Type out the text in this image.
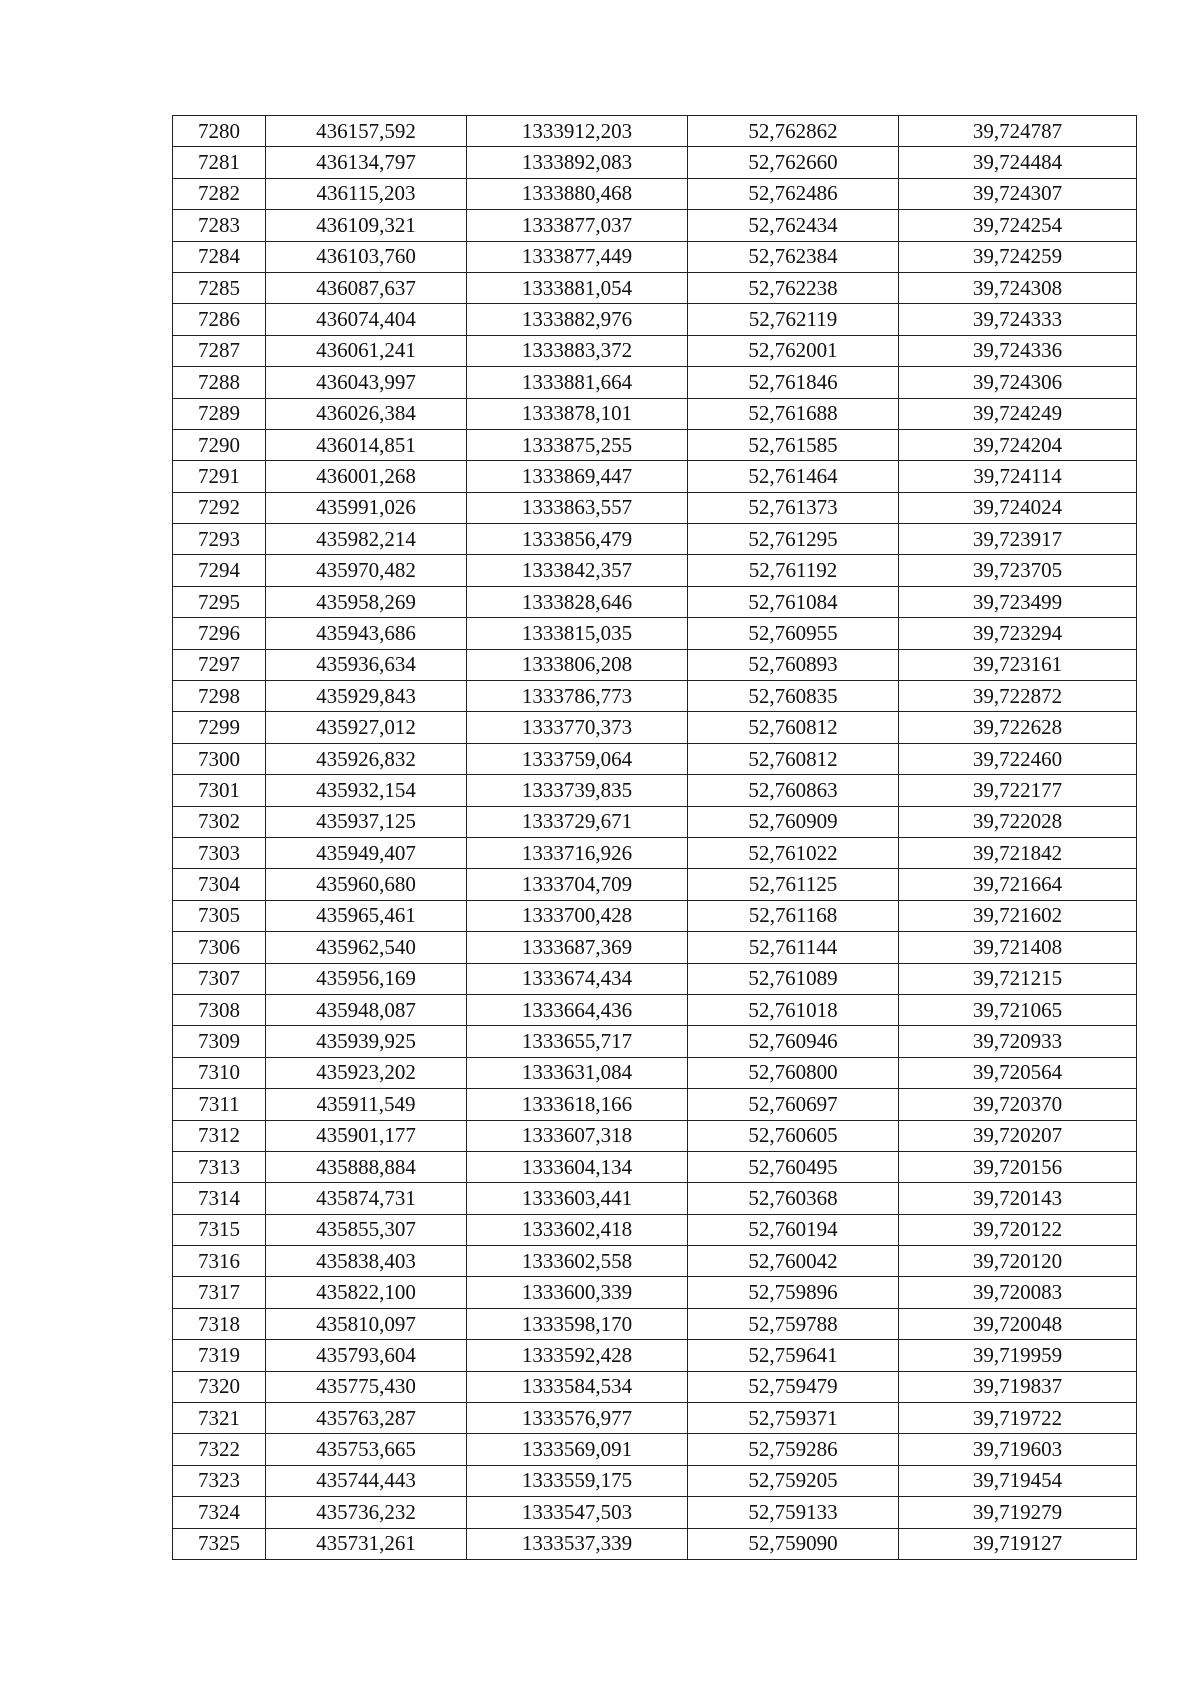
7280	436157,592	1333912,203	52,762862	39,724787
7281	436134,797	1333892,083	52,762660	39,724484
7282	436115,203	1333880,468	52,762486	39,724307
7283	436109,321	1333877,037	52,762434	39,724254
7284	436103,760	1333877,449	52,762384	39,724259
7285	436087,637	1333881,054	52,762238	39,724308
7286	436074,404	1333882,976	52,762119	39,724333
7287	436061,241	1333883,372	52,762001	39,724336
7288	436043,997	1333881,664	52,761846	39,724306
7289	436026,384	1333878,101	52,761688	39,724249
7290	436014,851	1333875,255	52,761585	39,724204
7291	436001,268	1333869,447	52,761464	39,724114
7292	435991,026	1333863,557	52,761373	39,724024
7293	435982,214	1333856,479	52,761295	39,723917
7294	435970,482	1333842,357	52,761192	39,723705
7295	435958,269	1333828,646	52,761084	39,723499
7296	435943,686	1333815,035	52,760955	39,723294
7297	435936,634	1333806,208	52,760893	39,723161
7298	435929,843	1333786,773	52,760835	39,722872
7299	435927,012	1333770,373	52,760812	39,722628
7300	435926,832	1333759,064	52,760812	39,722460
7301	435932,154	1333739,835	52,760863	39,722177
7302	435937,125	1333729,671	52,760909	39,722028
7303	435949,407	1333716,926	52,761022	39,721842
7304	435960,680	1333704,709	52,761125	39,721664
7305	435965,461	1333700,428	52,761168	39,721602
7306	435962,540	1333687,369	52,761144	39,721408
7307	435956,169	1333674,434	52,761089	39,721215
7308	435948,087	1333664,436	52,761018	39,721065
7309	435939,925	1333655,717	52,760946	39,720933
7310	435923,202	1333631,084	52,760800	39,720564
7311	435911,549	1333618,166	52,760697	39,720370
7312	435901,177	1333607,318	52,760605	39,720207
7313	435888,884	1333604,134	52,760495	39,720156
7314	435874,731	1333603,441	52,760368	39,720143
7315	435855,307	1333602,418	52,760194	39,720122
7316	435838,403	1333602,558	52,760042	39,720120
7317	435822,100	1333600,339	52,759896	39,720083
7318	435810,097	1333598,170	52,759788	39,720048
7319	435793,604	1333592,428	52,759641	39,719959
7320	435775,430	1333584,534	52,759479	39,719837
7321	435763,287	1333576,977	52,759371	39,719722
7322	435753,665	1333569,091	52,759286	39,719603
7323	435744,443	1333559,175	52,759205	39,719454
7324	435736,232	1333547,503	52,759133	39,719279
7325	435731,261	1333537,339	52,759090	39,719127
